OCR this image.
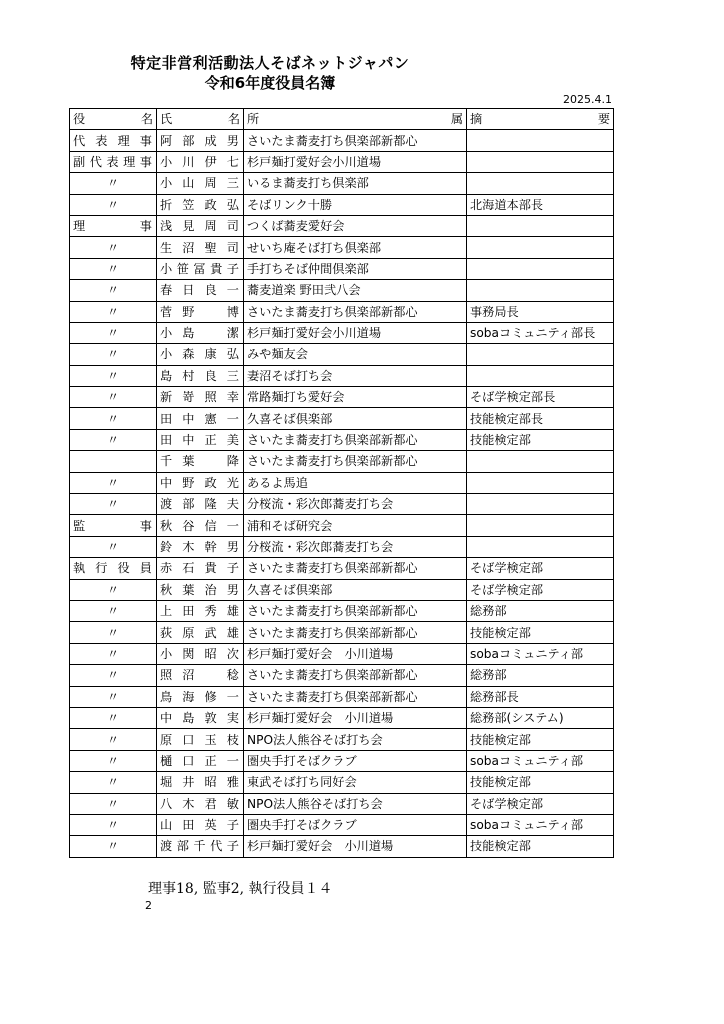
特定非営利活動法人そばネットジャパン
令和6年度役員名簿
2025.4.1
役 名	氏 名	所 属	摘 要

代表理事	阿部成男	さいたま蕎麦打ち倶楽部新都心	
副代表理事	小川伊七	杉戸麺打愛好会小川道場	
〃	小山周三	いるま蕎麦打ち倶楽部	
〃	折笠政弘	そばリンク十勝	北海道本部長
理事	浅見周司	つくば蕎麦愛好会	
〃	生沼聖司	せいち庵そば打ち倶楽部	
〃	小笹冨貴子	手打ちそば仲間倶楽部	
〃	春日良一	蕎麦道楽 野田弐八会	
〃	菅野　博	さいたま蕎麦打ち倶楽部新都心	事務局長
〃	小島　潔	杉戸麺打愛好会小川道場	sobaコミュニティ部長
〃	小森康弘	みや麺友会	
〃	島村良三	妻沼そば打ち会	
〃	新嵜照幸	常路麺打ち愛好会	そば学検定部長
〃	田中憲一	久喜そば倶楽部	技能検定部長
〃	田中正美	さいたま蕎麦打ち倶楽部新都心	技能検定部
	千葉　降	さいたま蕎麦打ち倶楽部新都心	
〃	中野政光	あるよ馬追	
〃	渡部隆夫	分桜流・彩次郎蕎麦打ち会	
監事	秋谷信一	浦和そば研究会	
〃	鈴木幹男	分桜流・彩次郎蕎麦打ち会	
執行役員	赤石貴子	さいたま蕎麦打ち倶楽部新都心	そば学検定部
〃	秋葉治男	久喜そば倶楽部	そば学検定部
〃	上田秀雄	さいたま蕎麦打ち倶楽部新都心	総務部
〃	荻原武雄	さいたま蕎麦打ち倶楽部新都心	技能検定部
〃	小関昭次	杉戸麺打愛好会　小川道場	sobaコミュニティ部
〃	照沼　稔	さいたま蕎麦打ち倶楽部新都心	総務部
〃	鳥海修一	さいたま蕎麦打ち倶楽部新都心	総務部長
〃	中島敦実	杉戸麺打愛好会　小川道場	総務部(システム)
〃	原口玉枝	NPO法人熊谷そば打ち会	技能検定部
〃	樋口正一	圏央手打そばクラブ	sobaコミュニティ部
〃	堀井昭雅	東武そば打ち同好会	技能検定部
〃	八木君敏	NPO法人熊谷そば打ち会	そば学検定部
〃	山田英子	圏央手打そばクラブ	sobaコミュニティ部
〃	渡部千代子	杉戸麺打愛好会　小川道場	技能検定部
理事18, 監事2, 執行役員１４
2
